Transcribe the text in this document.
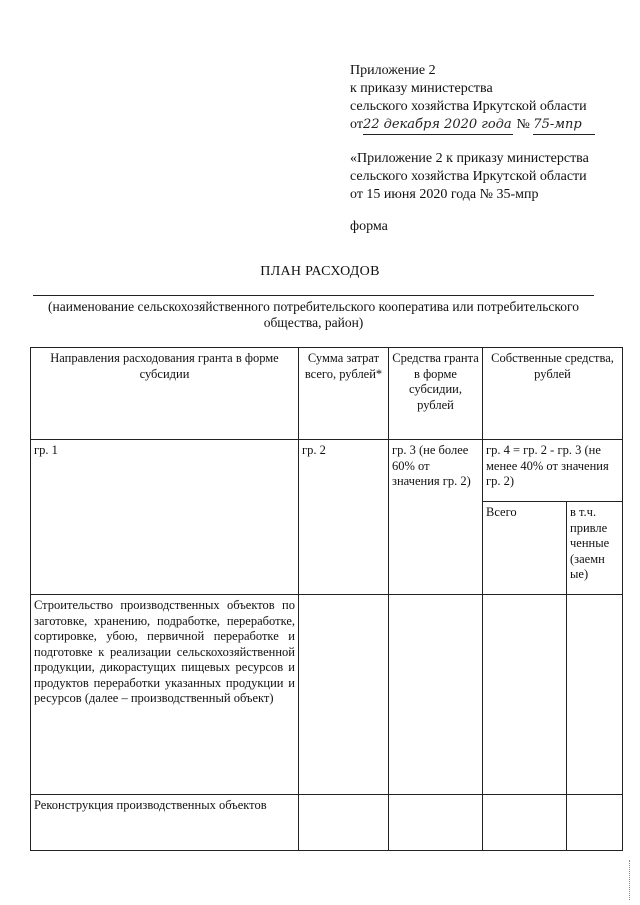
Приложение 2
к приказу министерства
сельского хозяйства Иркутской области
от22 декабря 2020 года № 75-мпр
«Приложение 2 к приказу министерства
сельского хозяйства Иркутской области
от 15 июня 2020 года № 35-мпр
форма
ПЛАН РАСХОДОВ
(наименование сельскохозяйственного потребительского кооператива или потребительского общества, район)
Направления расходования гранта в форме субсидии	Сумма затрат всего, рублей*	Средства гранта в форме субсидии, рублей	Собственные средства, рублей	
гр. 1	гр. 2	гр. 3 (не более 60% от значения гр. 2)	гр. 4 = гр. 2 - гр. 3 (не менее 40% от значения гр. 2)	
			Всего	в т.ч. привле ченные (заемн ые)
Строительство производственных объектов по заготовке, хранению, подработке, переработке, сортировке, убою, первичной переработке и подготовке к реализации сельскохозяйственной продукции, дикорастущих пищевых ресурсов и продуктов переработки указанных продукции и ресурсов (далее – производственный объект)				
Реконструкция производственных объектов				
